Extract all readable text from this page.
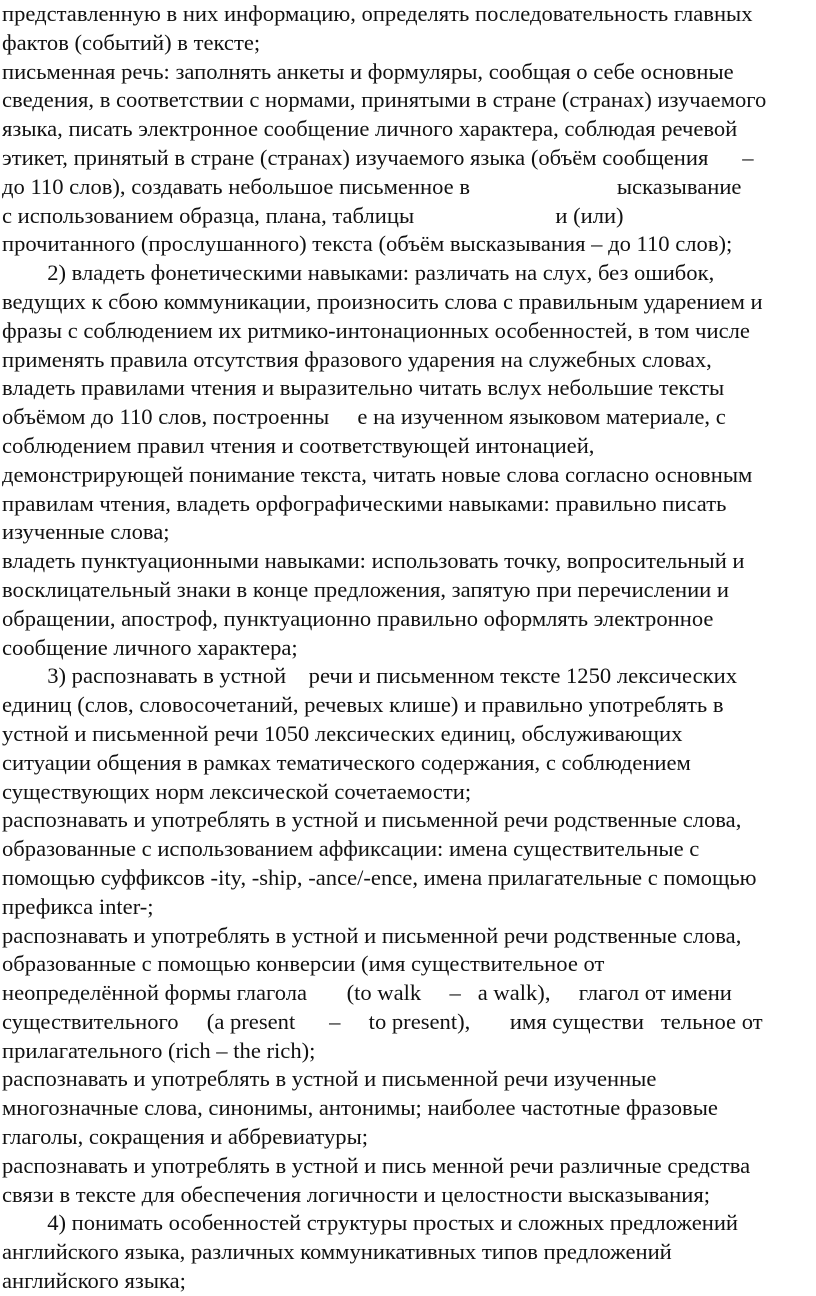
представленную в них информацию, определять последовательность главных
фактов (событий) в тексте;
письменная речь: заполнять анкеты и формуляры, сообщая о себе основные
сведения, в соответствии с нормами, принятыми в стране (странах) изучаемого
языка, писать электронное сообщение личного характера, соблюдая речевой
этикет, принятый в стране (странах) изучаемого языка (объём сообщения      –
до 110 слов), создавать небольшое письменное в                          ысказывание
с использованием образца, плана, таблицы                         и (или)
прочитанного (прослушанного) текста (объём высказывания – до 110 слов);
2) владеть фонетическими навыками: различать на слух, без ошибок,
ведущих к сбою коммуникации, произносить слова с правильным ударением и
фразы с соблюдением их ритмико-интонационных особенностей, в том числе
применять правила отсутствия фразового ударения на служебных словах,
владеть правилами чтения и выразительно читать вслух небольшие тексты
объёмом до 110 слов, построенны     е на изученном языковом материале, с
соблюдением правил чтения и соответствующей интонацией,
демонстрирующей понимание текста, читать новые слова согласно основным
правилам чтения, владеть орфографическими навыками: правильно писать
изученные слова;
владеть пунктуационными навыками: использовать точку, вопросительный и
восклицательный знаки в конце предложения, запятую при перечислении и
обращении, апостроф, пунктуационно правильно оформлять электронное
сообщение личного характера;
3) распознавать в устной    речи и письменном тексте 1250 лексических
единиц (слов, словосочетаний, речевых клише) и правильно употреблять в
устной и письменной речи 1050 лексических единиц, обслуживающих
ситуации общения в рамках тематического содержания, с соблюдением
существующих норм лексической сочетаемости;
распознавать и употреблять в устной и письменной речи родственные слова,
образованные с использованием аффиксации: имена существительные с
помощью суффиксов -ity, -ship, -ance/-ence, имена прилагательные с помощью
префикса inter-;
распознавать и употреблять в устной и письменной речи родственные слова,
образованные с помощью конверсии (имя существительное от
неопределённой формы глагола       (to walk     –   a walk),     глагол от имени
существительного     (a present      –     to present),       имя существи   тельное от
прилагательного (rich – the rich);
распознавать и употреблять в устной и письменной речи изученные
многозначные слова, синонимы, антонимы; наиболее частотные фразовые
глаголы, сокращения и аббревиатуры;
распознавать и употреблять в устной и пись менной речи различные средства
связи в тексте для обеспечения логичности и целостности высказывания;
4) понимать особенностей структуры простых и сложных предложений
английского языка, различных коммуникативных типов предложений
английского языка;
